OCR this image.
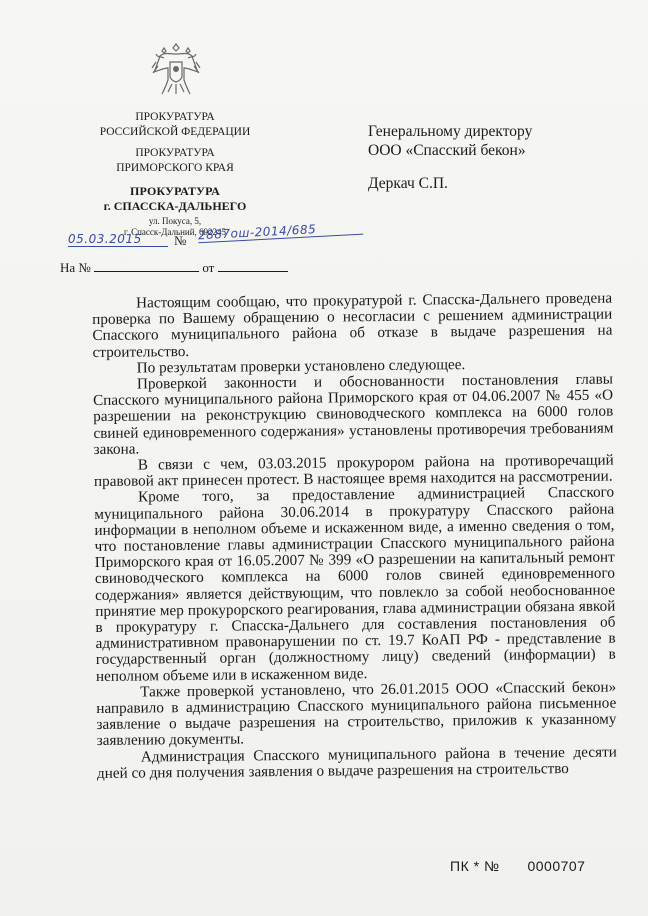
ПРОКУРАТУРА
РОССИЙСКОЙ ФЕДЕРАЦИИ
ПРОКУРАТУРА
ПРИМОРСКОГО КРАЯ
ПРОКУРАТУРА
г. СПАССКА-ДАЛЬНЕГО
ул. Покуса, 5,
г. Спасск-Дальний, 692245
Генеральному директору
ООО «Спасский бекон»
Деркач С.П.
05.03.2015	№ 2887ош-2014/685
На №	от

Настоящим сообщаю, что прокуратурой г. Спасска-Дальнего проведена проверка по Вашему обращению о несогласии с решением администрации Спасского муниципального района об отказе в выдаче разрешения на строительство.

По результатам проверки установлено следующее.

Проверкой законности и обоснованности постановления главы Спасского муниципального района Приморского края от 04.06.2007 № 455 «О разрешении на реконструкцию свиноводческого комплекса на 6000 голов свиней единовременного содержания» установлены противоречия требованиям закона.

В связи с чем, 03.03.2015 прокурором района на противоречащий правовой акт принесен протест. В настоящее время находится на рассмотрении.

Кроме того, за предоставление администрацией Спасского муниципального района 30.06.2014 в прокуратуру Спасского района информации в неполном объеме и искаженном виде, а именно сведения о том, что постановление главы администрации Спасского муниципального района Приморского края от 16.05.2007 № 399 «О разрешении на капитальный ремонт свиноводческого комплекса на 6000 голов свиней единовременного содержания» является действующим, что повлекло за собой необоснованное принятие мер прокурорского реагирования, глава администрации обязана явкой в прокуратуру г. Спасска-Дальнего для составления постановления об административном правонарушении по ст. 19.7 КоАП РФ - представление в государственный орган (должностному лицу) сведений (информации) в неполном объеме или в искаженном виде.

Также проверкой установлено, что 26.01.2015 ООО «Спасский бекон» направило в администрацию Спасского муниципального района письменное заявление о выдаче разрешения на строительство, приложив к указанному заявлению документы.

Администрация Спасского муниципального района в течение десяти дней со дня получения заявления о выдаче разрешения на строительство

ПК * № 0000707
